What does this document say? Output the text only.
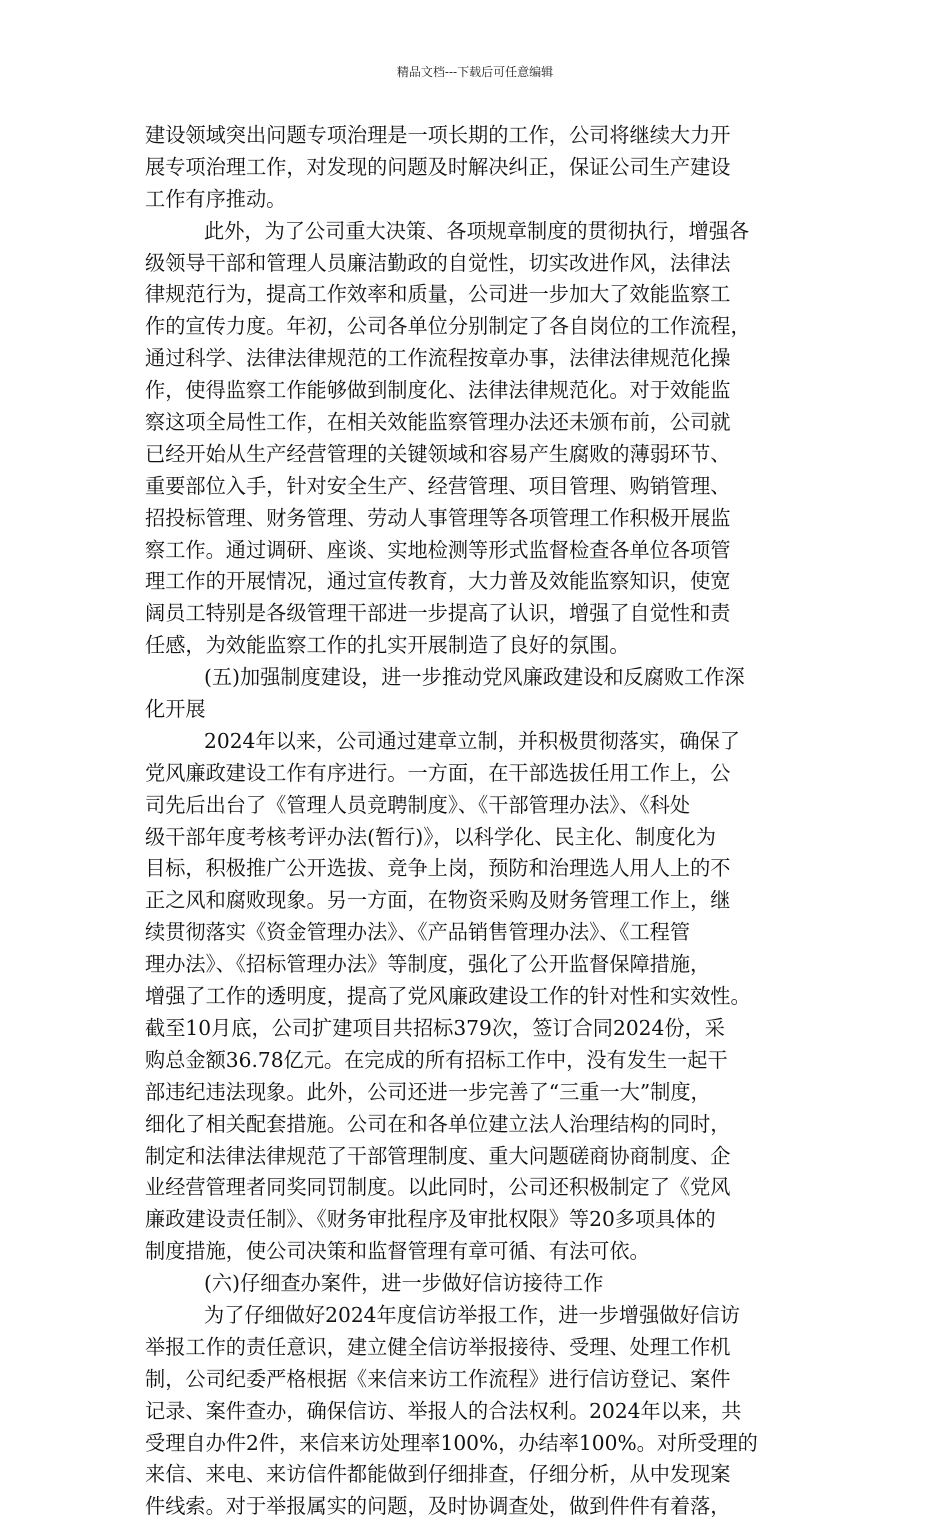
精品文档---下载后可任意编辑
建设领域突出问题专项治理是一项长期的工作，公司将继续大力开
展专项治理工作，对发现的问题及时解决纠正，保证公司生产建设
工作有序推动。
此外，为了公司重大决策、各项规章制度的贯彻执行，增强各
级领导干部和管理人员廉洁勤政的自觉性，切实改进作风，法律法
律规范行为，提高工作效率和质量，公司进一步加大了效能监察工
作的宣传力度。年初，公司各单位分别制定了各自岗位的工作流程，
通过科学、法律法律规范的工作流程按章办事，法律法律规范化操
作，使得监察工作能够做到制度化、法律法律规范化。对于效能监
察这项全局性工作，在相关效能监察管理办法还未颁布前，公司就
已经开始从生产经营管理的关键领域和容易产生腐败的薄弱环节、
重要部位入手，针对安全生产、经营管理、项目管理、购销管理、
招投标管理、财务管理、劳动人事管理等各项管理工作积极开展监
察工作。通过调研、座谈、实地检测等形式监督检查各单位各项管
理工作的开展情况，通过宣传教育，大力普及效能监察知识，使宽
阔员工特别是各级管理干部进一步提高了认识，增强了自觉性和责
任感，为效能监察工作的扎实开展制造了良好的氛围。
(五)加强制度建设，进一步推动党风廉政建设和反腐败工作深
化开展
2024年以来，公司通过建章立制，并积极贯彻落实，确保了
党风廉政建设工作有序进行。一方面，在干部选拔任用工作上，公
司先后出台了《管理人员竞聘制度》、《干部管理办法》、《科处
级干部年度考核考评办法(暂行)》，以科学化、民主化、制度化为
目标，积极推广公开选拔、竞争上岗，预防和治理选人用人上的不
正之风和腐败现象。另一方面，在物资采购及财务管理工作上，继
续贯彻落实《资金管理办法》、《产品销售管理办法》、《工程管
理办法》、《招标管理办法》等制度，强化了公开监督保障措施，
增强了工作的透明度，提高了党风廉政建设工作的针对性和实效性。
截至10月底，公司扩建项目共招标379次，签订合同2024份，采
购总金额36.78亿元。在完成的所有招标工作中，没有发生一起干
部违纪违法现象。此外，公司还进一步完善了“三重一大”制度，
细化了相关配套措施。公司在和各单位建立法人治理结构的同时，
制定和法律法律规范了干部管理制度、重大问题磋商协商制度、企
业经营管理者同奖同罚制度。以此同时，公司还积极制定了《党风
廉政建设责任制》、《财务审批程序及审批权限》等20多项具体的
制度措施，使公司决策和监督管理有章可循、有法可依。
(六)仔细查办案件，进一步做好信访接待工作
为了仔细做好2024年度信访举报工作，进一步增强做好信访
举报工作的责任意识，建立健全信访举报接待、受理、处理工作机
制，公司纪委严格根据《来信来访工作流程》进行信访登记、案件
记录、案件查办，确保信访、举报人的合法权利。2024年以来，共
受理自办件2件，来信来访处理率100%，办结率100%。对所受理的
来信、来电、来访信件都能做到仔细排查，仔细分析，从中发现案
件线索。对于举报属实的问题，及时协调查处，做到件件有着落，
